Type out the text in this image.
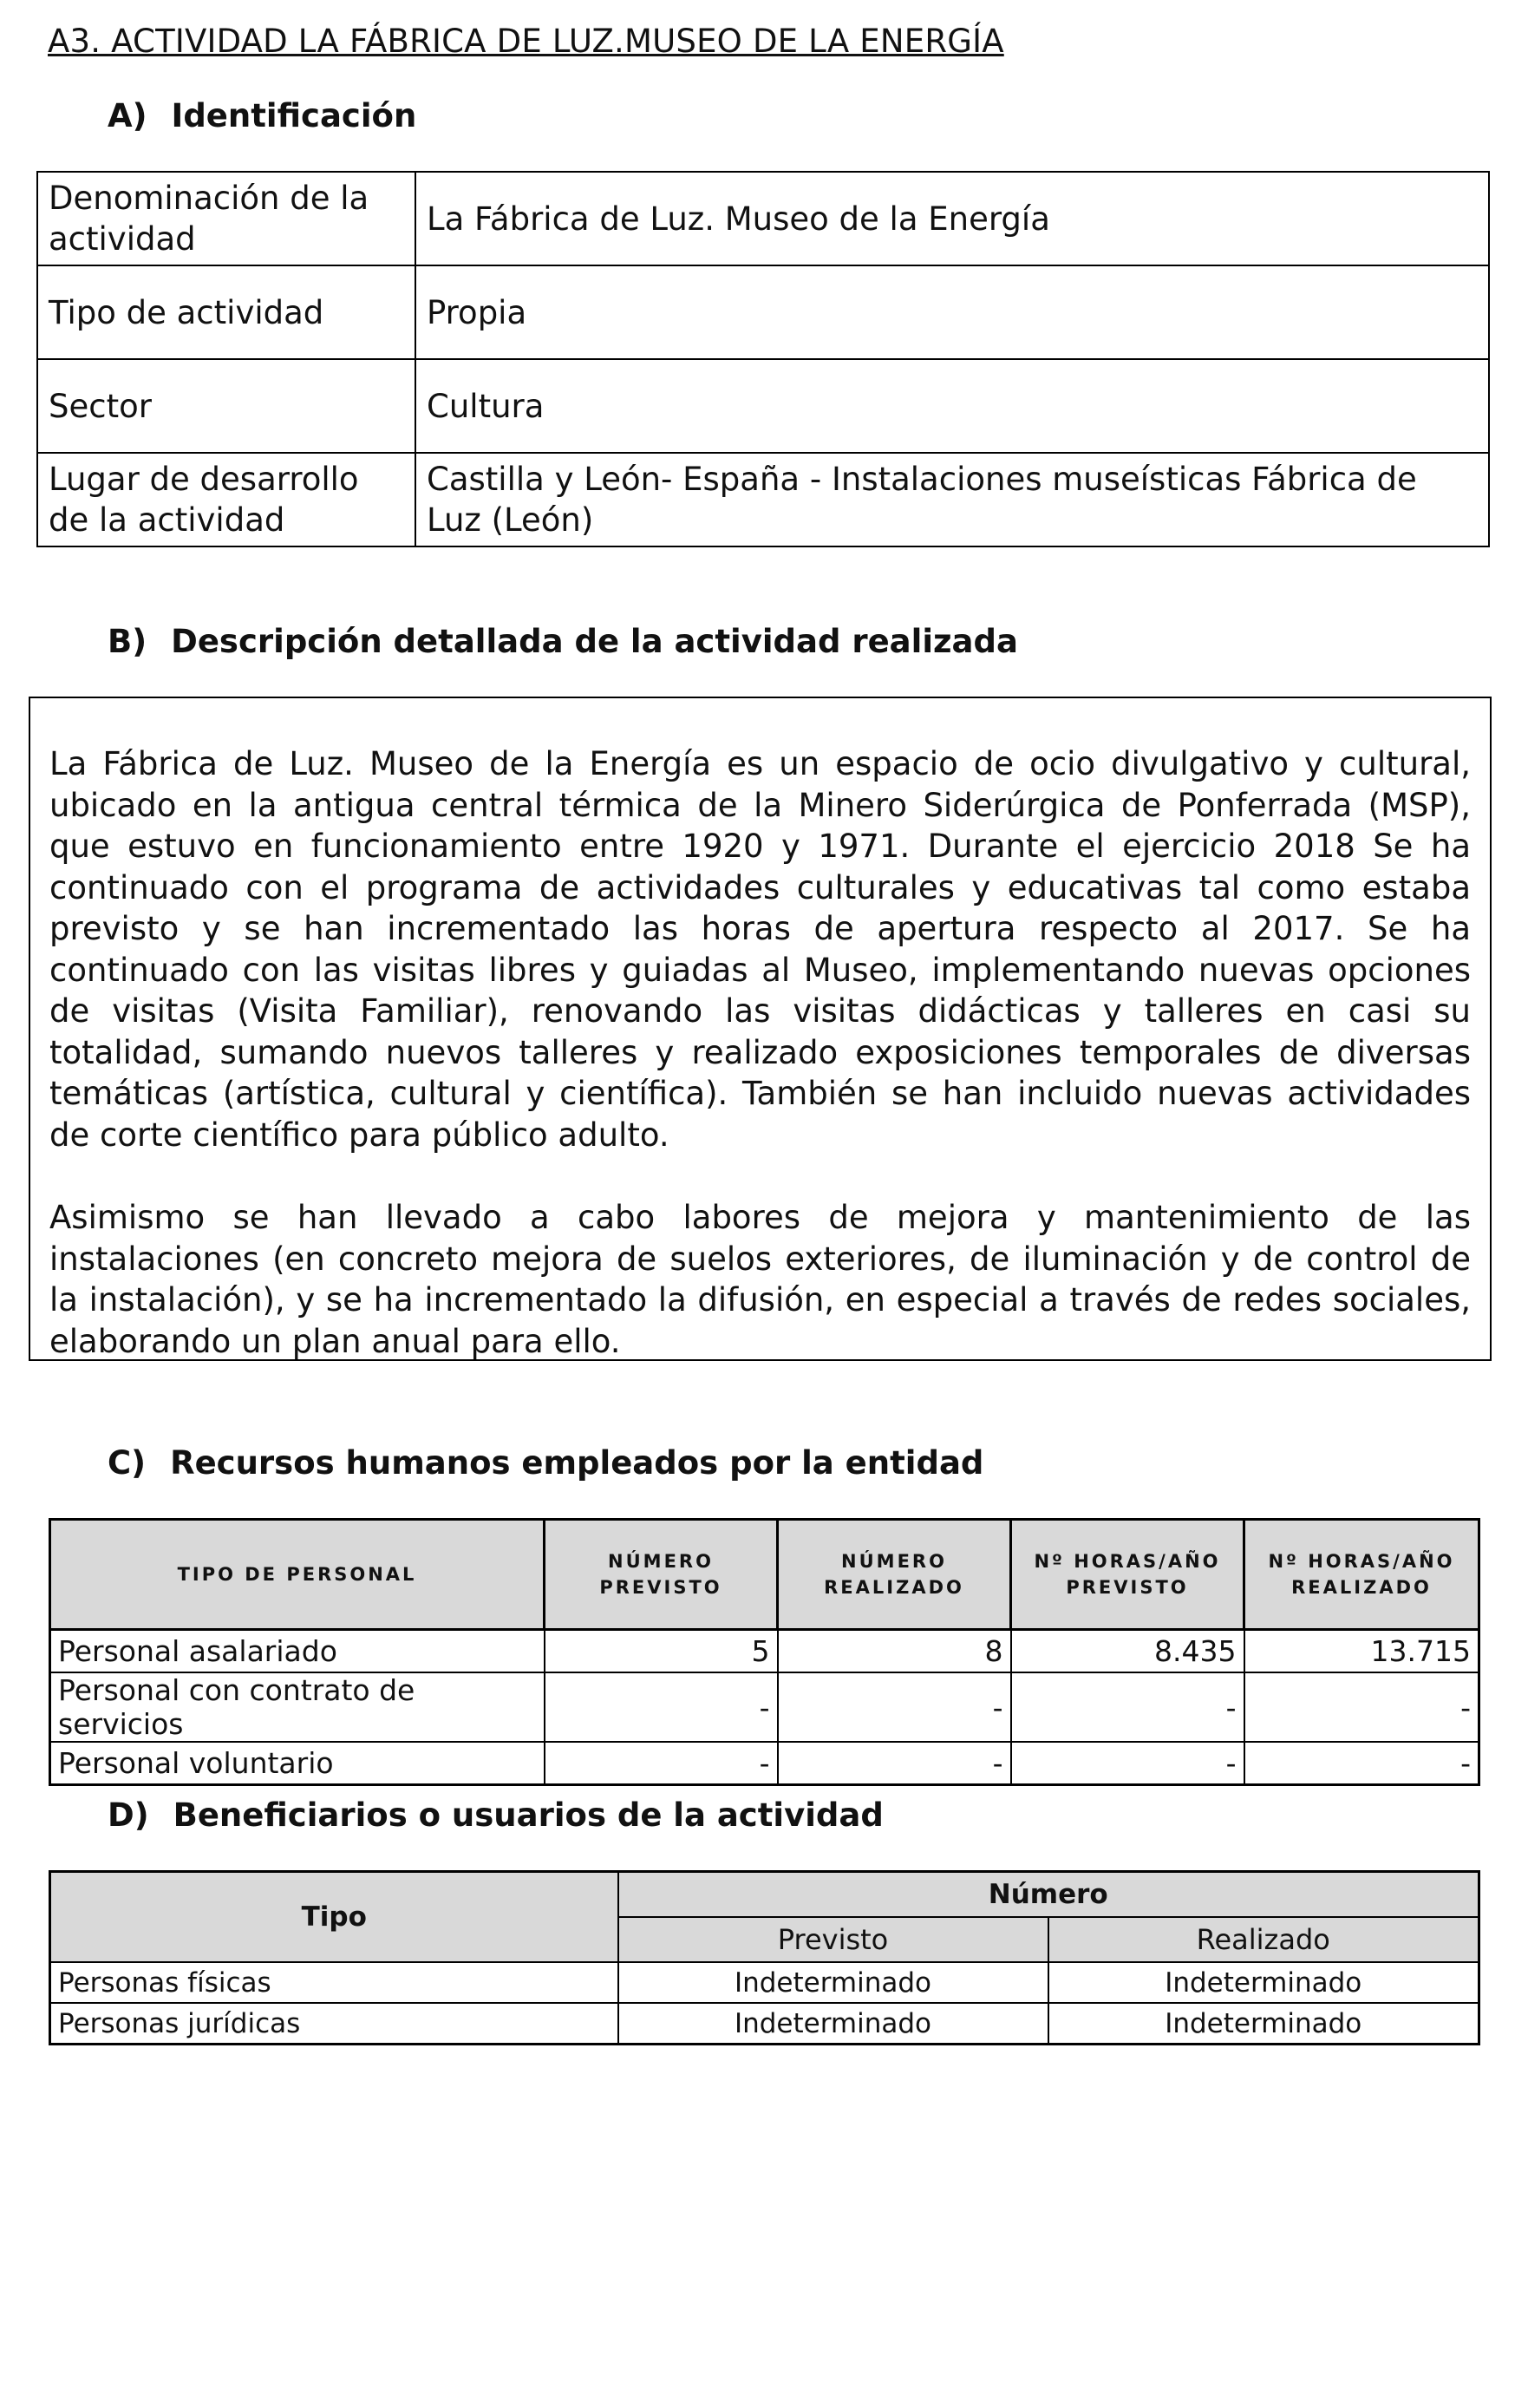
A3. ACTIVIDAD LA FÁBRICA DE LUZ.MUSEO DE LA ENERGÍA
A) Identificación
Denominación de la actividad	La Fábrica de Luz. Museo de la Energía
Tipo de actividad	Propia
Sector	Cultura
Lugar de desarrollo de la actividad	Castilla y León- España - Instalaciones museísticas Fábrica de Luz (León)
B) Descripción detallada de la actividad realizada

La Fábrica de Luz. Museo de la Energía es un espacio de ocio divulgativo y cultural, ubicado en la antigua central térmica de la Minero Siderúrgica de Ponferrada (MSP), que estuvo en funcionamiento entre 1920 y 1971. Durante el ejercicio 2018 Se ha continuado con el programa de actividades culturales y educativas tal como estaba previsto y se han incrementado las horas de apertura respecto al 2017. Se ha continuado con las visitas libres y guiadas al Museo, implementando nuevas opciones de visitas (Visita Familiar), renovando las visitas didácticas y talleres en casi su totalidad, sumando nuevos talleres y realizado exposiciones temporales de diversas temáticas (artística, cultural y científica). También se han incluido nuevas actividades de corte científico para público adulto.

Asimismo se han llevado a cabo labores de mejora y mantenimiento de las instalaciones (en concreto mejora de suelos exteriores, de iluminación y de control de la instalación), y se ha incrementado la difusión, en especial a través de redes sociales, elaborando un plan anual para ello.

C) Recursos humanos empleados por la entidad
TIPO DE PERSONAL	NÚMERO PREVISTO	NÚMERO REALIZADO	Nº HORAS/AÑO PREVISTO	Nº HORAS/AÑO REALIZADO
Personal asalariado	5	8	8.435	13.715
Personal con contrato de servicios	-	-	-	-
Personal voluntario	-	-	-	-
D) Beneficiarios o usuarios de la actividad
Tipo	Número	
	Previsto	Realizado
Personas físicas	Indeterminado	Indeterminado
Personas jurídicas	Indeterminado	Indeterminado
